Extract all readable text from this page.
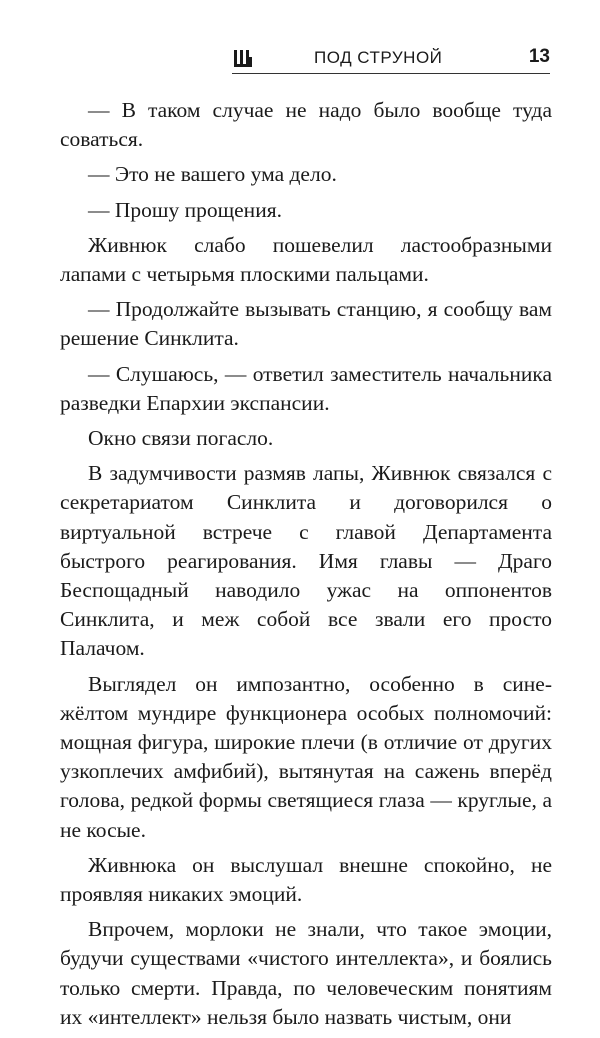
ПОД СТРУНОЙ	13

— В таком случае не надо было вообще туда соваться.

— Это не вашего ума дело.

— Прошу прощения.

Живнюк слабо пошевелил ластообразными лапами с четырьмя плоскими пальцами.

— Продолжайте вызывать станцию, я сообщу вам решение Синклита.

— Слушаюсь, — ответил заместитель начальника разведки Епархии экспансии.

Окно связи погасло.

В задумчивости размяв лапы, Живнюк связался с секретариатом Синклита и договорился о виртуальной встрече с главой Департамента быстрого реагирования. Имя главы — Драго Беспощадный наводило ужас на оппонентов Синклита, и меж собой все звали его просто Палачом.

Выглядел он импозантно, особенно в сине-жёлтом мундире функционера особых полномочий: мощная фигура, широкие плечи (в отличие от других узкоплечих амфибий), вытянутая на сажень вперёд голова, редкой формы светящиеся глаза — круглые, а не косые.

Живнюка он выслушал внешне спокойно, не проявляя никаких эмоций.

Впрочем, морлоки не знали, что такое эмоции, будучи существами «чистого интеллекта», и боялись только смерти. Правда, по человеческим понятиям их «интеллект» нельзя было назвать чистым, они
